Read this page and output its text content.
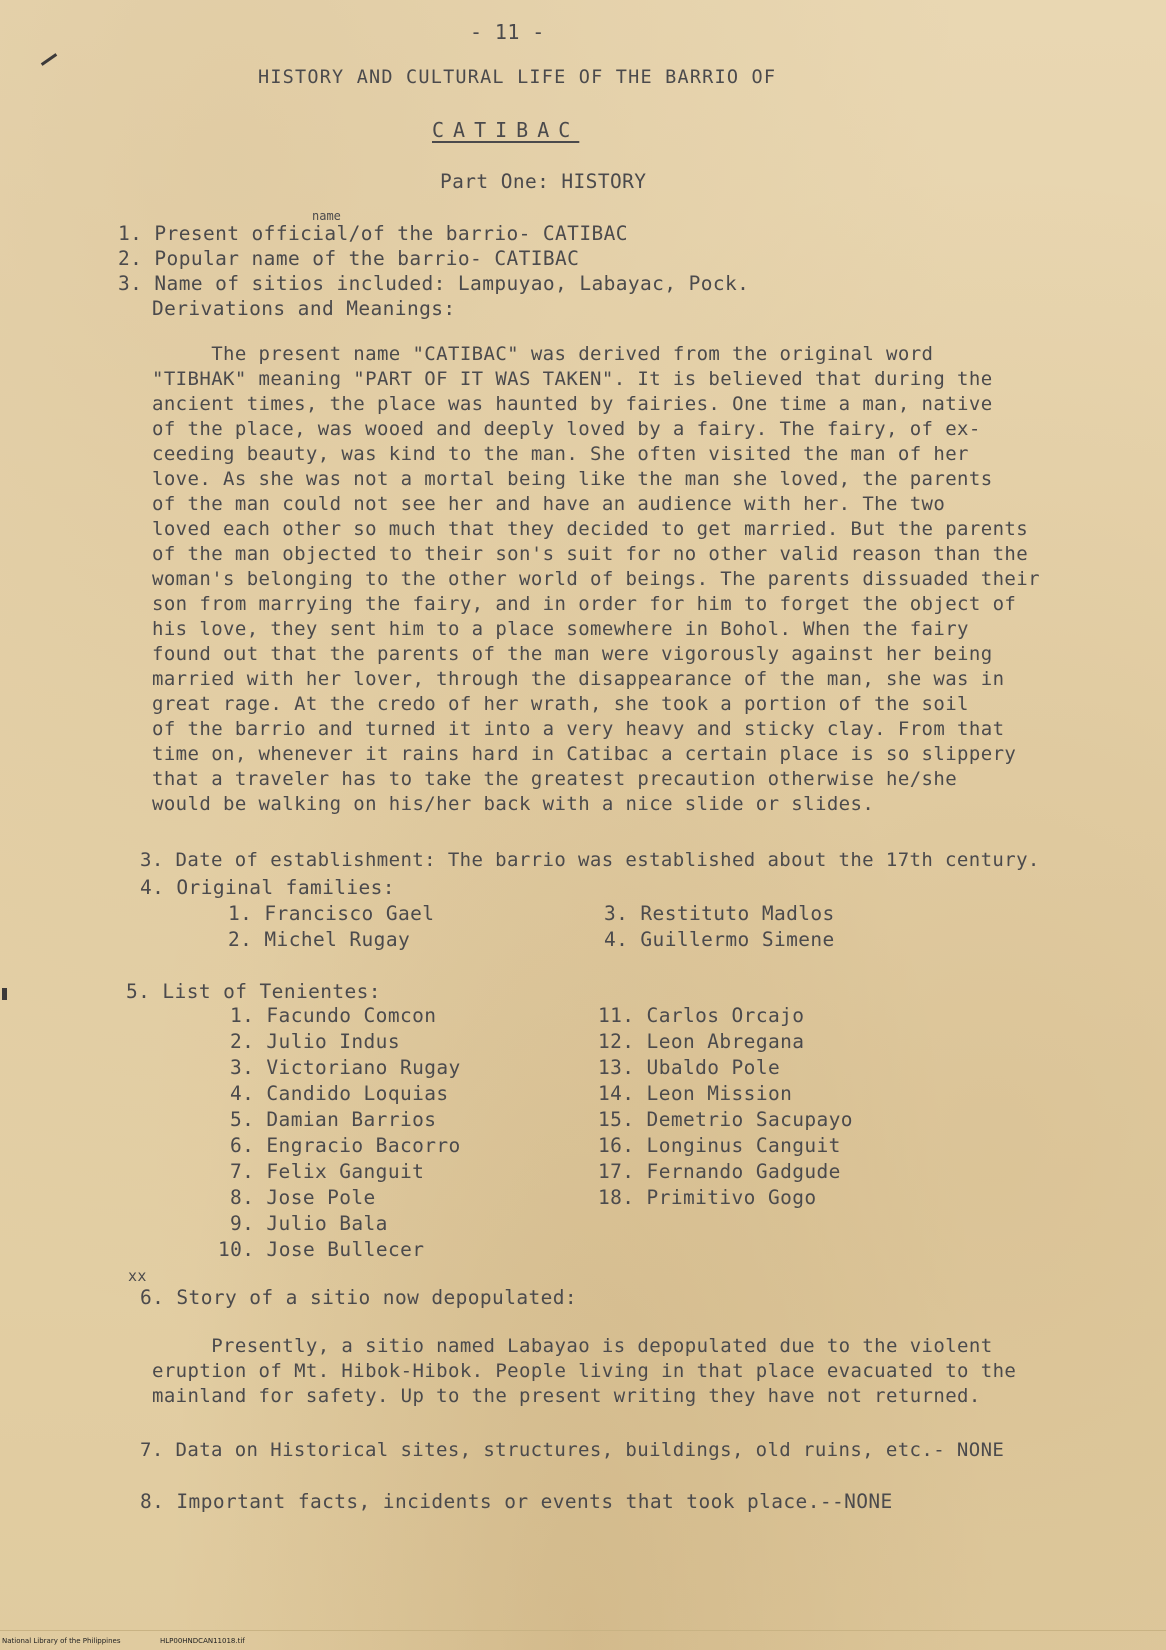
- 11 -
HISTORY AND CULTURAL LIFE OF THE BARRIO OF
CATIBAC
Part One: HISTORY
name
1. Present official/of the barrio- CATIBAC
2. Popular name of the barrio- CATIBAC
3. Name of sitios included: Lampuyao, Labayac, Pock.
Derivations and Meanings:
The present name "CATIBAC" was derived from the original word
"TIBHAK" meaning "PART OF IT WAS TAKEN". It is believed that during the
ancient times, the place was haunted by fairies. One time a man, native
of the place, was wooed and deeply loved by a fairy. The fairy, of ex-
ceeding beauty, was kind to the man. She often visited the man of her
love. As she was not a mortal being like the man she loved, the parents
of the man could not see her and have an audience with her. The two
loved each other so much that they decided to get married. But the parents
of the man objected to their son's suit for no other valid reason than the
woman's belonging to the other world of beings. The parents dissuaded their
son from marrying the fairy, and in order for him to forget the object of
his love, they sent him to a place somewhere in Bohol. When the fairy
found out that the parents of the man were vigorously against her being
married with her lover, through the disappearance of the man, she was in
great rage. At the credo of her wrath, she took a portion of the soil
of the barrio and turned it into a very heavy and sticky clay. From that
time on, whenever it rains hard in Catibac a certain place is so slippery
that a traveler has to take the greatest precaution otherwise he/she
would be walking on his/her back with a nice slide or slides.
3. Date of establishment: The barrio was established about the 17th century.
4. Original families:
1. Francisco Gael
2. Michel Rugay
3. Restituto Madlos
4. Guillermo Simene
5. List of Tenientes:
1. Facundo Comcon
2. Julio Indus
3. Victoriano Rugay
4. Candido Loquias
5. Damian Barrios
6. Engracio Bacorro
7. Felix Ganguit
8. Jose Pole
9. Julio Bala
10. Jose Bullecer
11. Carlos Orcajo
12. Leon Abregana
13. Ubaldo Pole
14. Leon Mission
15. Demetrio Sacupayo
16. Longinus Canguit
17. Fernando Gadgude
18. Primitivo Gogo
xx
6. Story of a sitio now depopulated:
Presently, a sitio named Labayao is depopulated due to the violent
eruption of Mt. Hibok-Hibok. People living in that place evacuated to the
mainland for safety. Up to the present writing they have not returned.
7. Data on Historical sites, structures, buildings, old ruins, etc.- NONE
8. Important facts, incidents or events that took place.--NONE
National Library of the Philippines	HLP00HNDCAN11018.tif
